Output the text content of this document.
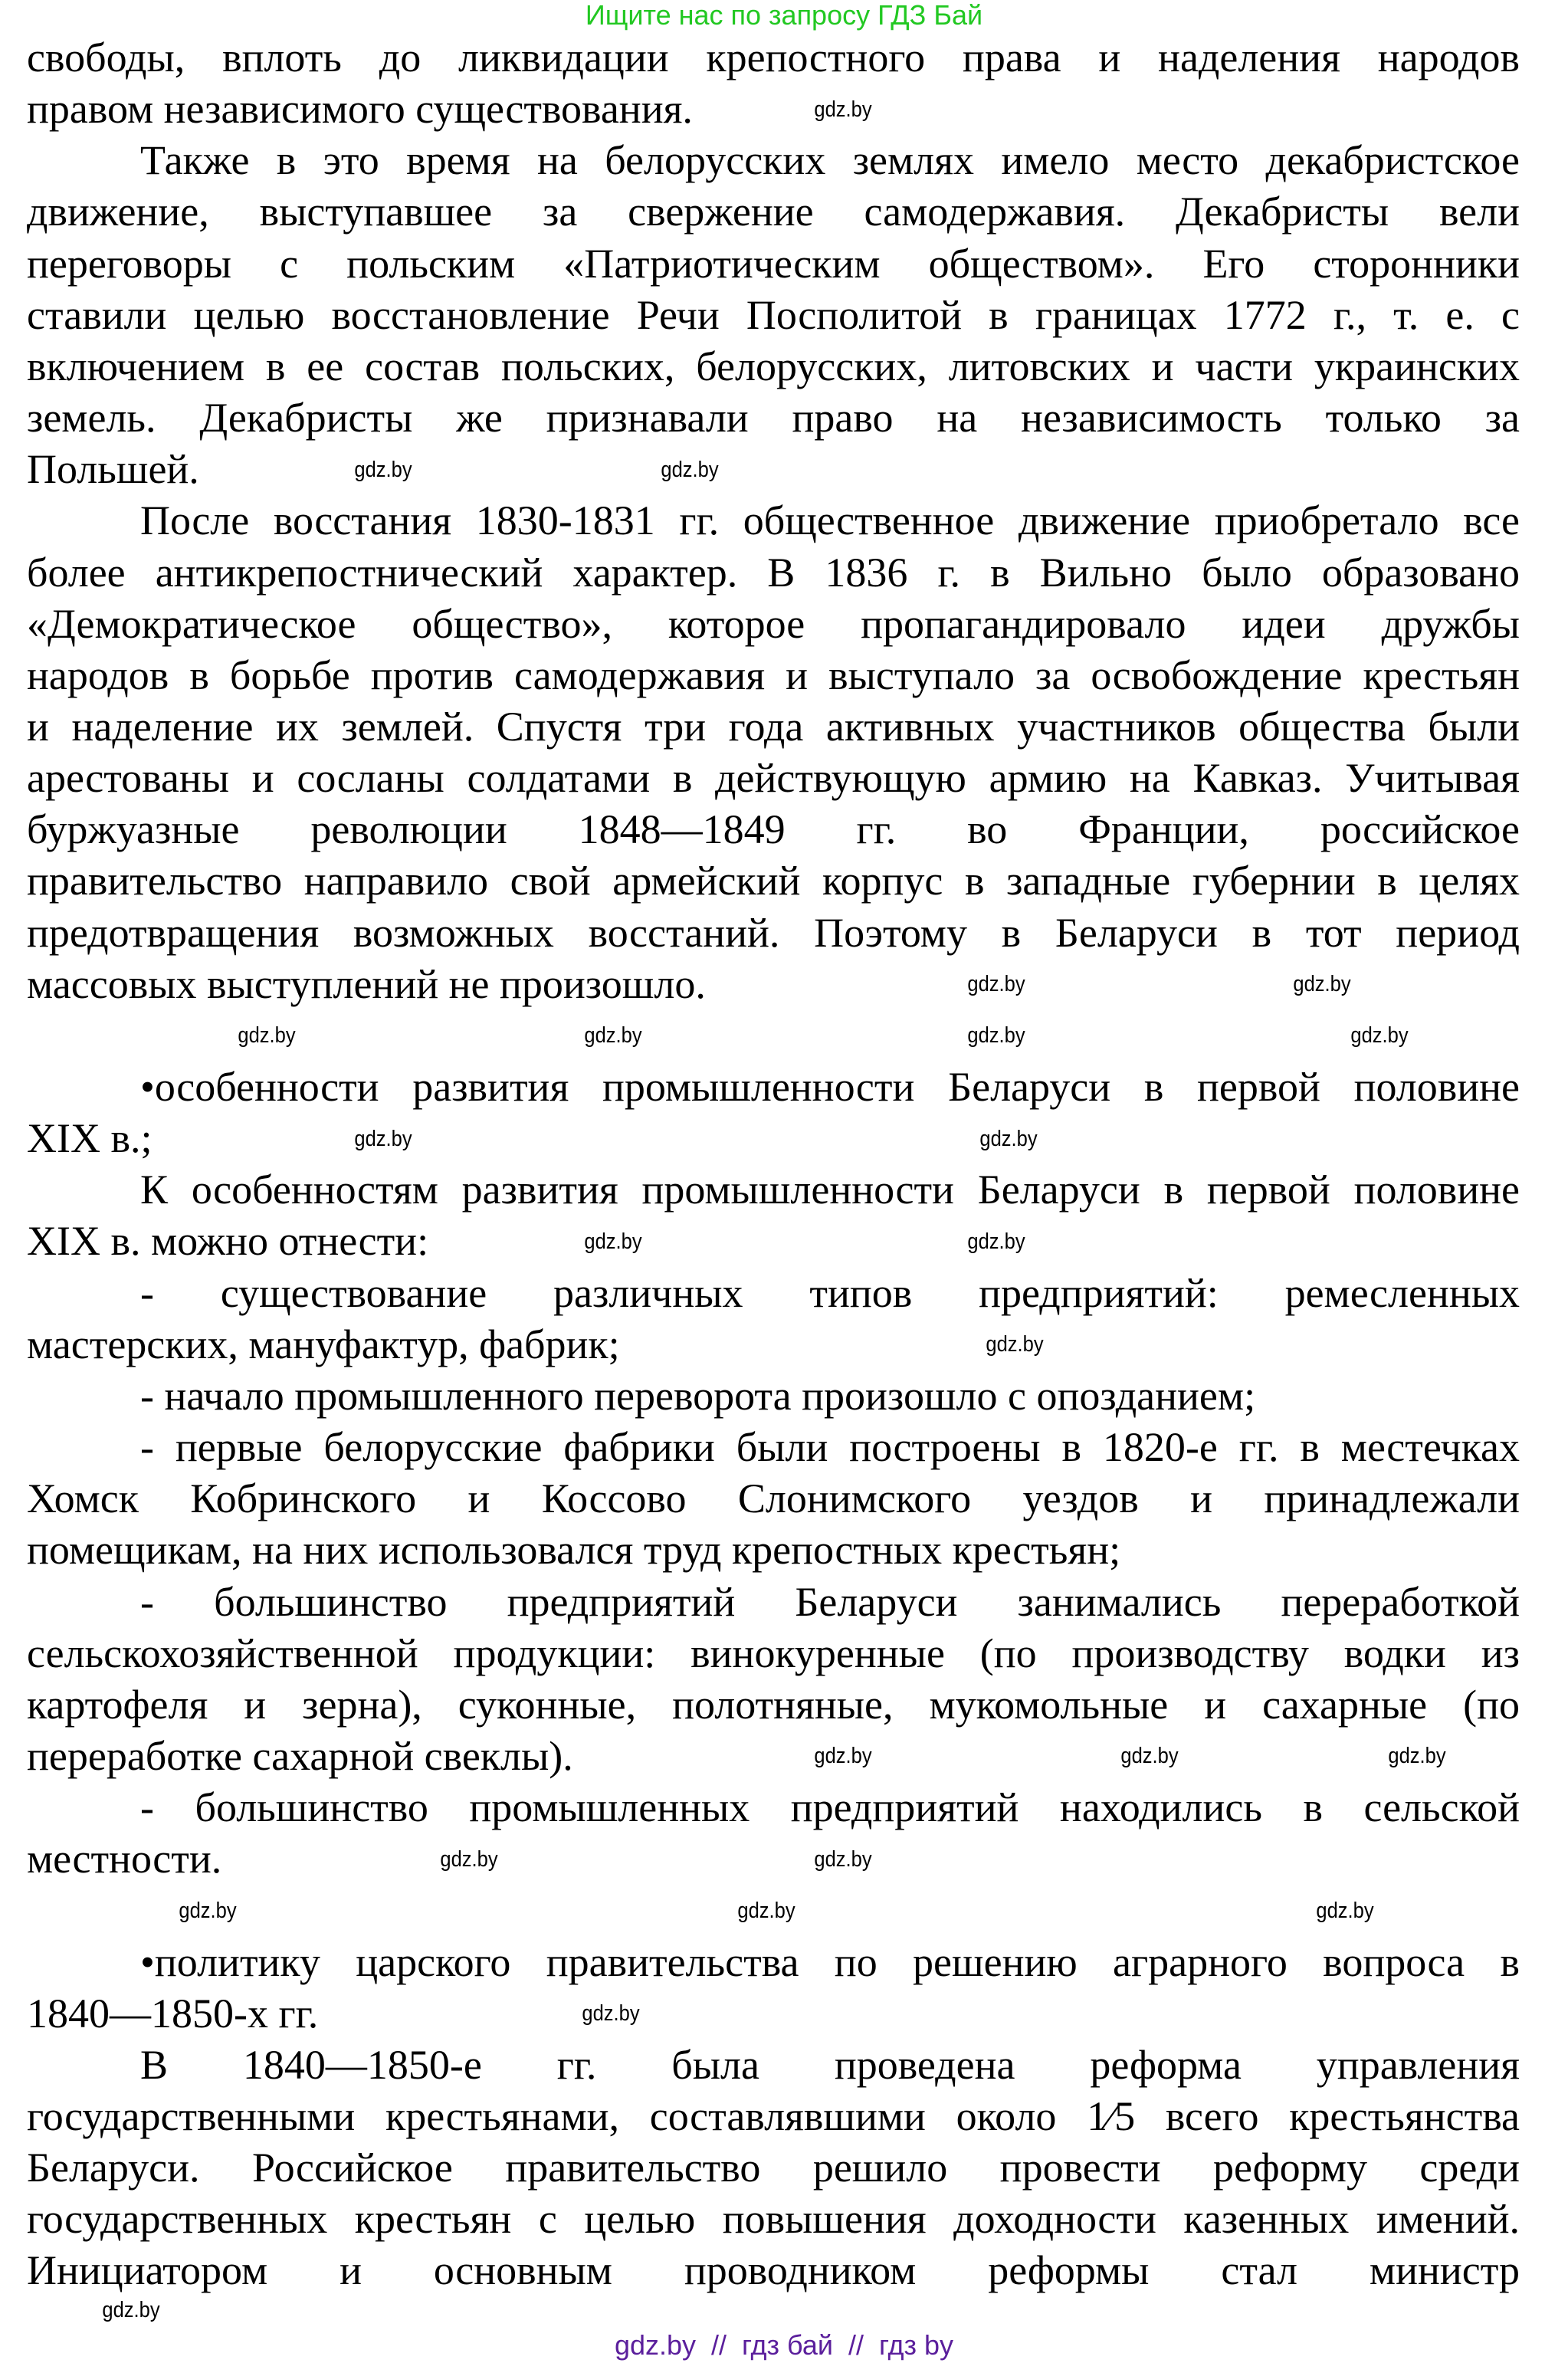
Ищите нас по запросу ГДЗ Бай
свободы, вплоть до ликвидации крепостного права и наделения народов
правом независимого существования.
Также в это время на белорусских землях имело место декабристское
движение, выступавшее за свержение самодержавия. Декабристы вели
переговоры с польским «Патриотическим обществом». Его сторонники
ставили целью восстановление Речи Посполитой в границах 1772 г., т. е. с
включением в ее состав польских, белорусских, литовских и части украинских
земель. Декабристы же признавали право на независимость только за
Польшей.
После восстания 1830-1831 гг. общественное движение приобретало все
более антикрепостнический характер. В 1836 г. в Вильно было образовано
«Демократическое общество», которое пропагандировало идеи дружбы
народов в борьбе против самодержавия и выступало за освобождение крестьян
и наделение их землей. Спустя три года активных участников общества были
арестованы и сосланы солдатами в действующую армию на Кавказ. Учитывая
буржуазные революции 1848—1849 гг. во Франции, российское
правительство направило свой армейский корпус в западные губернии в целях
предотвращения возможных восстаний. Поэтому в Беларуси в тот период
массовых выступлений не произошло.
•особенности развития промышленности Беларуси в первой половине
XIX в.;
К особенностям развития промышленности Беларуси в первой половине
XIX в. можно отнести:
- существование различных типов предприятий: ремесленных
мастерских, мануфактур, фабрик;
- начало промышленного переворота произошло с опозданием;
- первые белорусские фабрики были построены в 1820-е гг. в местечках
Хомск Кобринского и Коссово Слонимского уездов и принадлежали
помещикам, на них использовался труд крепостных крестьян;
- большинство предприятий Беларуси занимались переработкой
сельскохозяйственной продукции: винокуренные (по производству водки из
картофеля и зерна), суконные, полотняные, мукомольные и сахарные (по
переработке сахарной свеклы).
- большинство промышленных предприятий находились в сельской
местности.
•политику царского правительства по решению аграрного вопроса в
1840—1850-х гг.
В 1840—1850-е гг. была проведена реформа управления
государственными крестьянами, составлявшими около 1⁄5 всего крестьянства
Беларуси. Российское правительство решило провести реформу среди
государственных крестьян с целью повышения доходности казенных имений.
Инициатором и основным проводником реформы стал министр
gdz.by
gdz.by	gdz.by
gdz.by	gdz.by
gdz.by	gdz.by	gdz.by	gdz.by
gdz.by	gdz.by
gdz.by	gdz.by
gdz.by
gdz.by	gdz.by	gdz.by
gdz.by	gdz.by
gdz.by	gdz.by	gdz.by
gdz.by
gdz.by
gdz.by  //  гдз бай  //  гдз by
